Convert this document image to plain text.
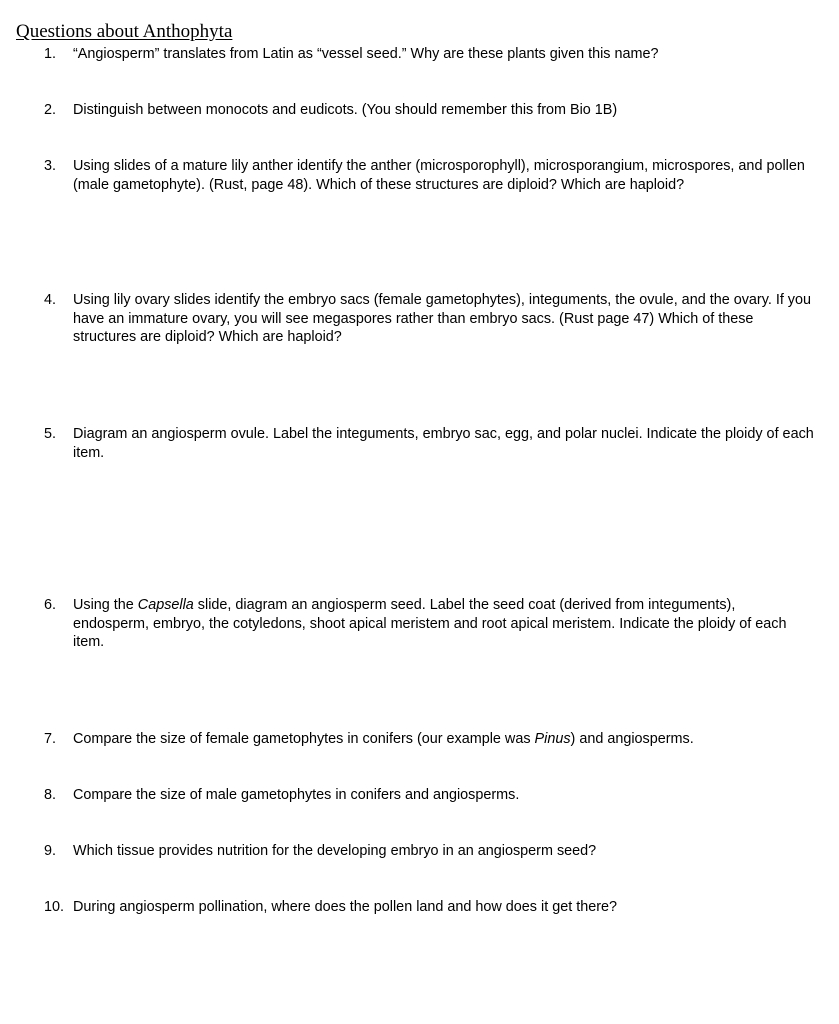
Questions about Anthophyta
1.	“Angiosperm” translates from Latin as “vessel seed.” Why are these plants given this name?
2.	Distinguish between monocots and eudicots. (You should remember this from Bio 1B)
3.	Using slides of a mature lily anther identify the anther (microsporophyll), microsporangium, microspores, and pollen (male gametophyte). (Rust, page 48). Which of these structures are diploid? Which are haploid?
4.	Using lily ovary slides identify the embryo sacs (female gametophytes), integuments, the ovule, and the ovary. If you have an immature ovary, you will see megaspores rather than embryo sacs. (Rust page 47) Which of these structures are diploid? Which are haploid?
5.	Diagram an angiosperm ovule. Label the integuments, embryo sac, egg, and polar nuclei. Indicate the ploidy of each item.
6.	Using the Capsella slide, diagram an angiosperm seed. Label the seed coat (derived from integuments), endosperm, embryo, the cotyledons, shoot apical meristem and root apical meristem. Indicate the ploidy of each item.
7.	Compare the size of female gametophytes in conifers (our example was Pinus) and angiosperms.
8.	Compare the size of male gametophytes in conifers and angiosperms.
9.	Which tissue provides nutrition for the developing embryo in an angiosperm seed?
10. During angiosperm pollination, where does the pollen land and how does it get there?
